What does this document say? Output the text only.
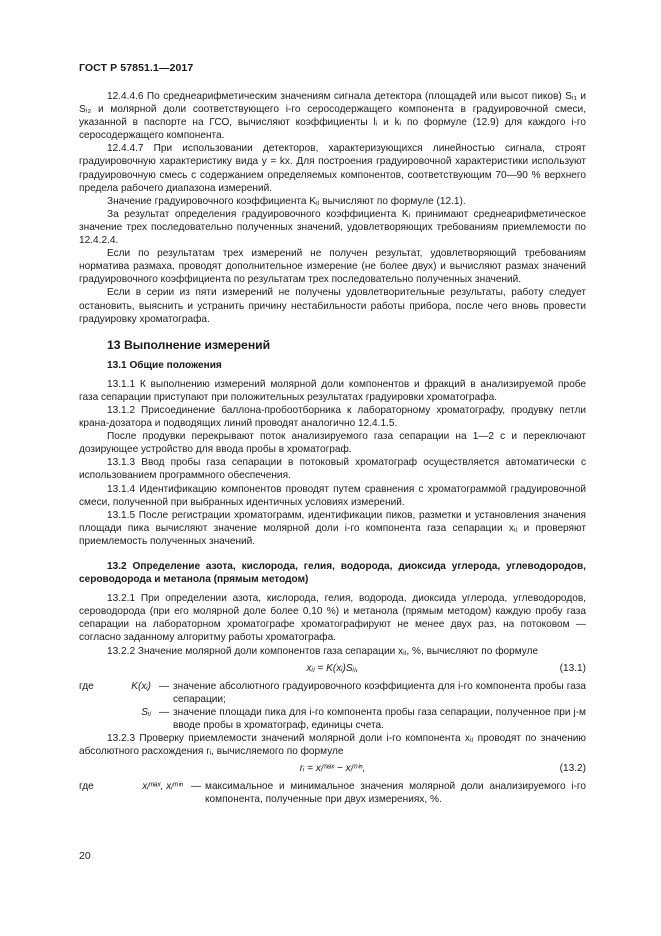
ГОСТ Р 57851.1—2017

12.4.4.6 По среднеарифметическим значениям сигнала детектора (площадей или высот пиков) Sᵢ₁ и Sᵢ₂ и молярной доли соответствующего i-го серосодержащего компонента в градуировочной смеси, указанной в паспорте на ГСО, вычисляют коэффициенты lᵢ и kᵢ по формуле (12.9) для каждого i-го серосодержащего компонента.

12.4.4.7 При использовании детекторов, характеризующихся линейностью сигнала, строят градуировочную характеристику вида y = kx. Для построения градуировочной характеристики используют градуировочную смесь с содержанием определяемых компонентов, соответствующим 70—90 % верхнего предела рабочего диапазона измерений.

Значение градуировочного коэффициента Kᵢⱼ вычисляют по формуле (12.1).

За результат определения градуировочного коэффициента Kᵢ принимают среднеарифметическое значение трех последовательно полученных значений, удовлетворяющих требованиям приемлемости по 12.4.2.4.

Если по результатам трех измерений не получен результат, удовлетворяющий требованиям норматива размаха, проводят дополнительное измерение (не более двух) и вычисляют размах значений градуировочного коэффициента по результатам трех последовательно полученных значений.

Если в серии из пяти измерений не получены удовлетворительные результаты, работу следует остановить, выяснить и устранить причину нестабильности работы прибора, после чего вновь провести градуировку хроматографа.

13 Выполнение измерений
13.1 Общие положения

13.1.1 К выполнению измерений молярной доли компонентов и фракций в анализируемой пробе газа сепарации приступают при положительных результатах градуировки хроматографа.

13.1.2 Присоединение баллона-пробоотборника к лабораторному хроматографу, продувку петли крана-дозатора и подводящих линий проводят аналогично 12.4.1.5.

После продувки перекрывают поток анализируемого газа сепарации на 1—2 с и переключают дозирующее устройство для ввода пробы в хроматограф.

13.1.3 Ввод пробы газа сепарации в потоковый хроматограф осуществляется автоматически с использованием программного обеспечения.

13.1.4 Идентификацию компонентов проводят путем сравнения с хроматограммой градуировочной смеси, полученной при выбранных идентичных условиях измерений.

13.1.5 После регистрации хроматограмм, идентификации пиков, разметки и установления значения площади пика вычисляют значение молярной доли i-го компонента газа сепарации xᵢⱼ и проверяют приемлемость полученных значений.

13.2 Определение азота, кислорода, гелия, водорода, диоксида углерода, углеводородов, сероводорода и метанола (прямым методом)

13.2.1 При определении азота, кислорода, гелия, водорода, диоксида углерода, углеводородов, сероводорода (при его молярной доле более 0,10 %) и метанола (прямым методом) каждую пробу газа сепарации на лабораторном хроматографе хроматографируют не менее двух раз, на потоковом — согласно заданному алгоритму работы хроматографа.

13.2.2 Значение молярной доли компонентов газа сепарации xᵢⱼ, %, вычисляют по формуле

xᵢⱼ = K(xᵢ)Sᵢⱼ,	(13.1)
где	K(xᵢ)	—	значение абсолютного градуировочного коэффициента для i-го компонента пробы газа сепарации;
	Sᵢⱼ	—	значение площади пика для i-го компонента пробы газа сепарации, полученное при j-м вводе пробы в хроматограф, единицы счета.

13.2.3 Проверку приемлемости значений молярной доли i-го компонента xᵢⱼ проводят по значению абсолютного расхождения rᵢ, вычисляемого по формуле

rᵢ = xᵢᵐᵃˣ − xᵢᵐⁱⁿ,	(13.2)
где	xᵢᵐᵃˣ, xᵢᵐⁱⁿ	—	максимальное и минимальное значения молярной доли анализируемого i-го компонента, полученные при двух измерениях, %.
20
